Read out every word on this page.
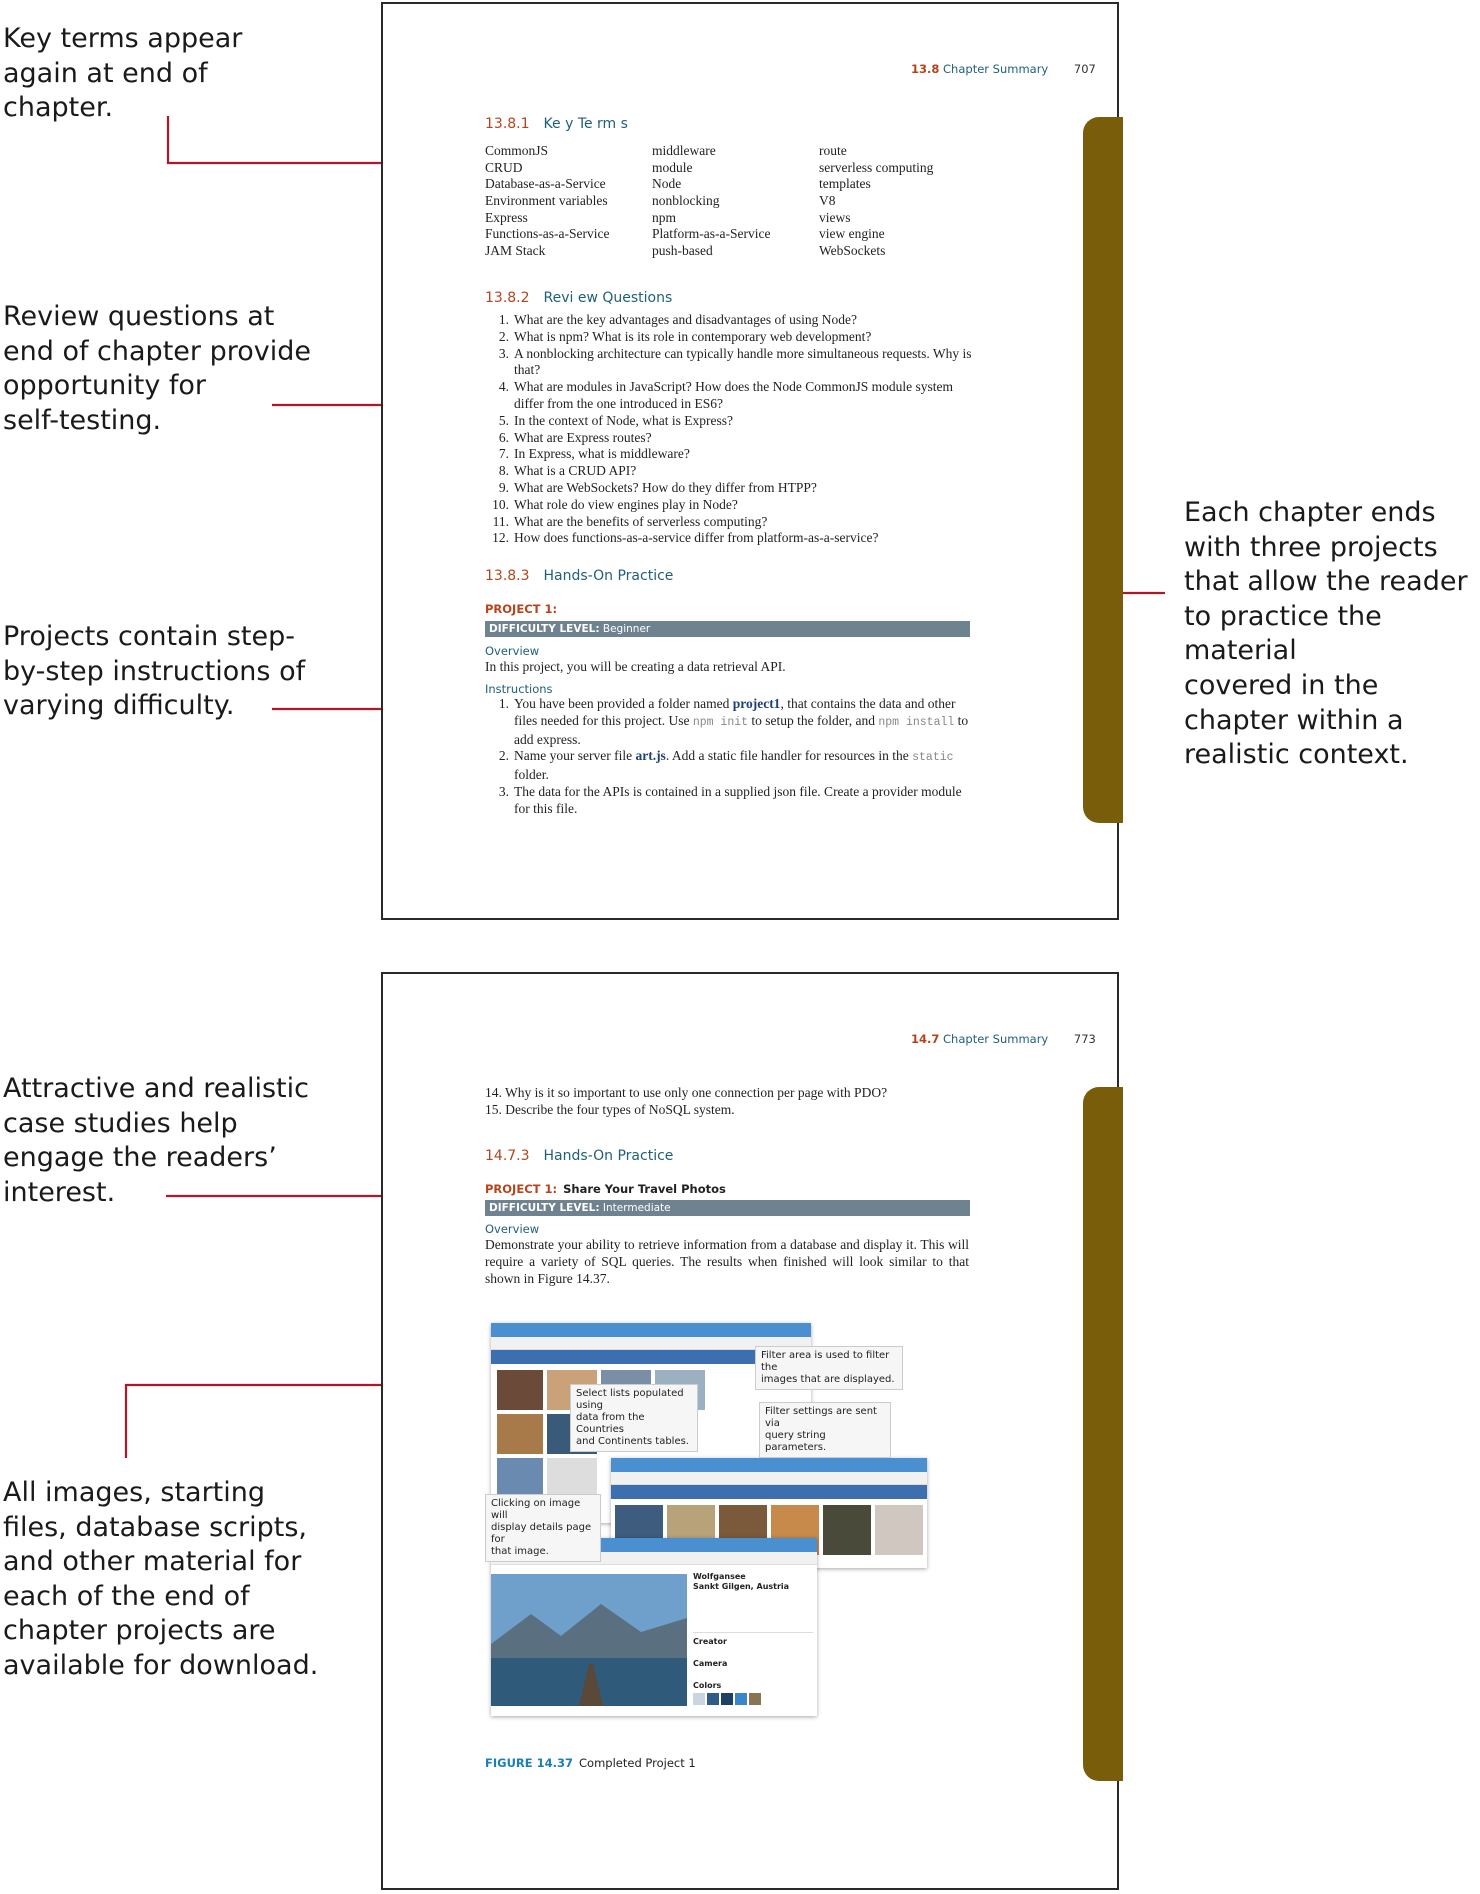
Key terms appear
again at end of
chapter.
Review questions at
end of chapter provide
opportunity for
self-testing.
Projects contain step-
by-step instructions of
varying difficulty.
Each chapter ends
with three projects
that allow the reader
to practice the
material
covered in the
chapter within a
realistic context.
Attractive and realistic
case studies help
engage the readers’
interest.
All images, starting
files, database scripts,
and other material for
each of the end of
chapter projects are
available for download.
13.8 Chapter Summary 707
13.8.1 Ke y Te rm s
CommonJS
CRUD
Database-as-a-Service
Environment variables
Express
Functions-as-a-Service
JAM Stack
middleware
module
Node
nonblocking
npm
Platform-as-a-Service
push-based
route
serverless computing
templates
V8
views
view engine
WebSockets
13.8.2 Revi ew Questions
1. What are the key advantages and disadvantages of using Node?
2. What is npm? What is its role in contemporary web development?
3. A nonblocking architecture can typically handle more simultaneous requests. Why is that?
4. What are modules in JavaScript? How does the Node CommonJS module system differ from the one introduced in ES6?
5. In the context of Node, what is Express?
6. What are Express routes?
7. In Express, what is middleware?
8. What is a CRUD API?
9. What are WebSockets? How do they differ from HTPP?
10. What role do view engines play in Node?
11. What are the benefits of serverless computing?
12. How does functions-as-a-service differ from platform-as-a-service?
13.8.3 Hands-On Practice
PROJECT 1:
DIFFICULTY LEVEL: Beginner
Overview
In this project, you will be creating a data retrieval API.
Instructions
1. You have been provided a folder named project1, that contains the data and other files needed for this project. Use npm init to setup the folder, and npm install to add express.
2. Name your server file art.js. Add a static file handler for resources in the static folder.
3. The data for the APIs is contained in a supplied json file. Create a provider module for this file.
14.7 Chapter Summary 773
14. Why is it so important to use only one connection per page with PDO?
15. Describe the four types of NoSQL system.
14.7.3 Hands-On Practice
PROJECT 1: Share Your Travel Photos
DIFFICULTY LEVEL: Intermediate
Overview
Demonstrate your ability to retrieve information from a database and display it. This will require a variety of SQL queries. The results when finished will look similar to that shown in Figure 14.37.
Wolfgansee
Sankt Gilgen, Austria
Creator
Camera
Colors
Filter area is used to filter the
images that are displayed.
Select lists populated using
data from the Countries
and Continents tables.
Filter settings are sent via
query string parameters.
Clicking on image will
display details page for
that image.
FIGURE 14.37 Completed Project 1
